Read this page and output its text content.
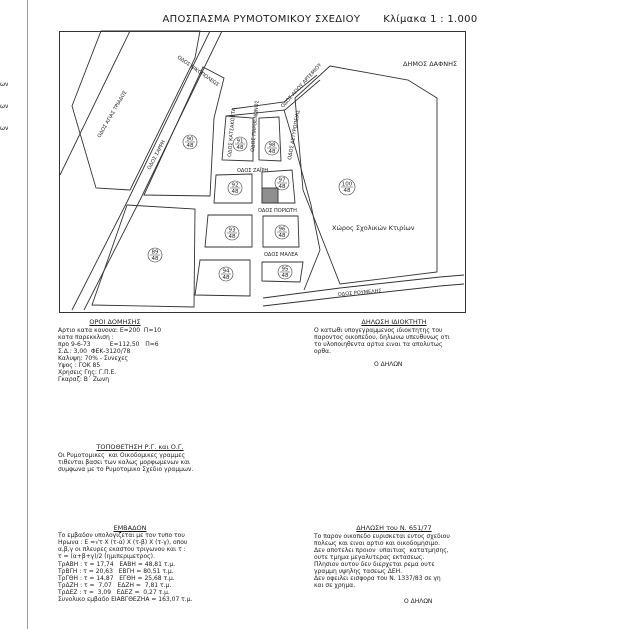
ων
ων
ων
ΑΠΟΣΠΑΣΜΑ ΡΥΜΟΤΟΜΙΚΟΥ ΣΧΕΔΙΟΥ Κλίμακα 1 : 1.000
90
48
91
48	98
48
92
48
97
48
93
48
96
48
89
48
94
48
95
48
100
48
ΟΔΟΣ ΝΙΚΟΠΟΛΕΩΣ	ΟΔΟΣ ΑΓΙΟΥ ΑΡΤΕΜΙΟΥ
ΟΔΟΣ ΠΑΡΘΕΝΩΝΟΣ
ΟΔΟΣ ΚΑΤΣΑΚΟΣΤΑ	ΟΔΟΣ ΑΣΤΥΡΟΠΕΙΑΣ
ΟΔΟΣ ΖΑΪΡΗ
ΟΔΟΣ ΠΟΡΙΩΤΗ
ΟΔΟΣ ΜΑΛΕΑ
ΟΔΟΣ ΡΟΥΜΕΛΗΣ
ΟΔΟΣ ΑΓΙΑΣ ΤΡΙΑΔΟΣ
ΟΔΟΣ ΣΑΡΡΗ
ΔΗΜΟΣ ΔΑΦΝΗΣ
Χώρος Σχολικών Κτιρίων
ΟΡΟΙ ΔΟΜΗΣΗΣ
Αρτιο κατα κανονα: Ε=200  Π=10
κατα παρεκκλιση :
προ 9-6-73          Ε=112,50   Π=6
Σ.Δ.: 3,00  ΦΕΚ-3120/78
Καλυψη: 70% - Συνεχες
Υψος : ΓΟΚ 85
Χρησεις Γης: Γ.Π.Ε.
Γκαραζ: Β΄ Ζωνη
ΔΗΛΩΣΗ ΙΔΙΟΚΤΗΤΗ
Ο κατωθι υπογεγραμμενος ιδιοκτητης του
παροντος οικοπεδου, δηλωνω υπευθυνως οτι
το υλοποιηθεντα αρτια ειναι τα απολυτως
ορθα.
Ο ΔΗΛΩΝ
ΤΟΠΟΘΕΤΗΣΗ Ρ.Γ. και Ο.Γ.
Οι Ρυμοτομικες  και Οικοδομικες γραμμες
τιθενται βασει των καλως μορφωμενων και
συμφωνα με το Ρυμοτομικο Σχεδιο γραμμων.
ΕΜΒΑΔΟΝ
Το εμβαδον υπολογιζεται με τον τυπο του
Ηρωνα : Ε =√τ Χ (τ-α) Χ (τ-β) Χ (τ-γ), οπου
α,β,γ οι πλευρες εκαστου τριγωνου και τ :
τ = (α+β+γ)/2 (ημιπεριμετρος).
ΤρΑΒΗ : τ = 17,74   ΕΑΒΗ = 48,81 τ.μ.
ΤρΒΓΗ : τ = 20,63   ΕΒΓΗ = 80,51 τ.μ.
ΤρΓΘΗ : τ = 14,87   ΕΓΘΗ = 25,68 τ.μ.
ΤρΔΖΗ : τ =  7,07   ΕΔΖΗ =  7,81 τ.μ.
ΤρΔΕΖ : τ =  3,09   ΕΔΕΖ =  0,27 τ.μ.
Συνολικο εμβαδο ΕΙΑΒΓΘΕΖΗΑ = 163,07 τ.μ.
ΔΗΛΩΣΗ του Ν. 651/77
Το παρον οικοπεδο ευρισκεται εντος σχεδιου
πολεως και ειναι αρτιο και οικοδομησιμο.
Δεν αποτελει προιον  υπαιτιας  κατατμησης,
ουτε τμημα μεγαλυτερας εκτασεως.
Πλησιον αυτου δεν διερχεται ρεμα ουτε
γραμμη υψηλης τασεως ΔΕΗ.
Δεν οφειλει εισφορα του Ν. 1337/83 σε γη
και σε χρημα.
Ο ΔΗΛΩΝ
